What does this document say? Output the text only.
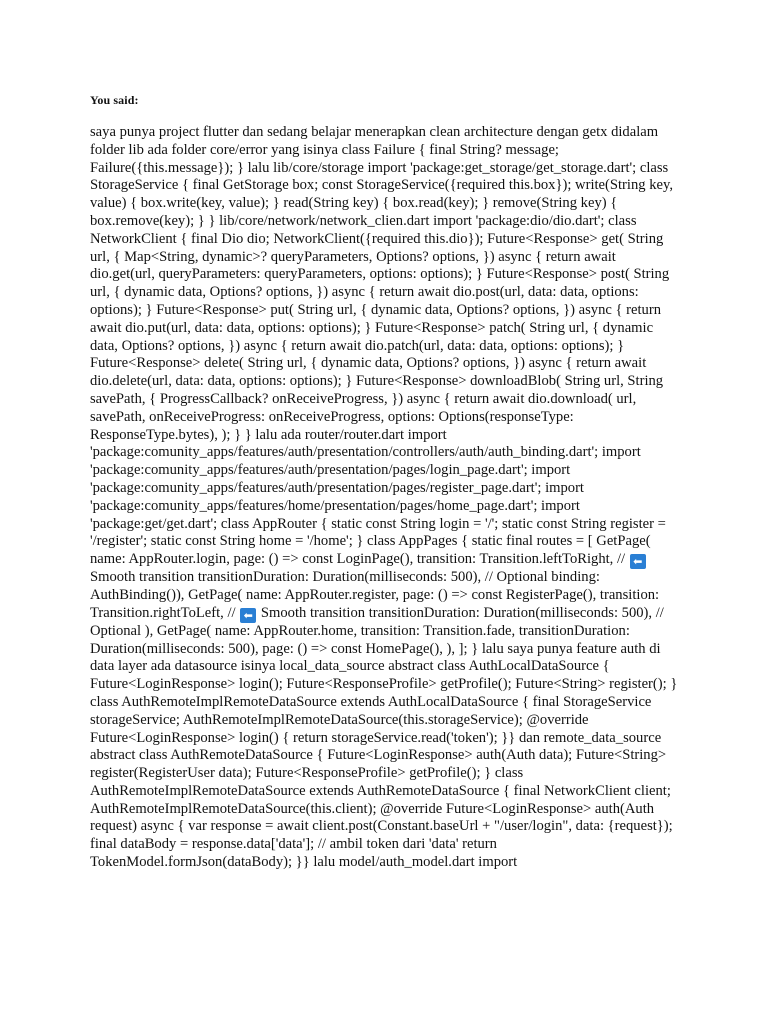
You said:
saya punya project flutter dan sedang belajar menerapkan clean architecture dengan getx didalam folder lib ada folder core/error yang isinya class Failure { final String? message; Failure({this.message}); } lalu lib/core/storage import 'package:get_storage/get_storage.dart'; class StorageService { final GetStorage box; const StorageService({required this.box}); write(String key, value) { box.write(key, value); } read(String key) { box.read(key); } remove(String key) { box.remove(key); } } lib/core/network/network_clien.dart import 'package:dio/dio.dart'; class NetworkClient { final Dio dio; NetworkClient({required this.dio}); Future<Response> get( String url, { Map<String, dynamic>? queryParameters, Options? options, }) async { return await dio.get(url, queryParameters: queryParameters, options: options); } Future<Response> post( String url, { dynamic data, Options? options, }) async { return await dio.post(url, data: data, options: options); } Future<Response> put( String url, { dynamic data, Options? options, }) async { return await dio.put(url, data: data, options: options); } Future<Response> patch( String url, { dynamic data, Options? options, }) async { return await dio.patch(url, data: data, options: options); } Future<Response> delete( String url, { dynamic data, Options? options, }) async { return await dio.delete(url, data: data, options: options); } Future<Response> downloadBlob( String url, String savePath, { ProgressCallback? onReceiveProgress, }) async { return await dio.download( url, savePath, onReceiveProgress: onReceiveProgress, options: Options(responseType: ResponseType.bytes), ); } } lalu ada router/router.dart import 'package:comunity_apps/features/auth/presentation/controllers/auth/auth_binding.dart'; import 'package:comunity_apps/features/auth/presentation/pages/login_page.dart'; import 'package:comunity_apps/features/auth/presentation/pages/register_page.dart'; import 'package:comunity_apps/features/home/presentation/pages/home_page.dart'; import 'package:get/get.dart'; class AppRouter { static const String login = '/'; static const String register = '/register'; static const String home = '/home'; } class AppPages { static final routes = [ GetPage( name: AppRouter.login, page: () => const LoginPage(), transition: Transition.leftToRight, // ⬅ Smooth transition transitionDuration: Duration(milliseconds: 500), // Optional binding: AuthBinding()), GetPage( name: AppRouter.register, page: () => const RegisterPage(), transition: Transition.rightToLeft, // ⬅ Smooth transition transitionDuration: Duration(milliseconds: 500), // Optional ), GetPage( name: AppRouter.home, transition: Transition.fade, transitionDuration: Duration(milliseconds: 500), page: () => const HomePage(), ), ]; } lalu saya punya feature auth di data layer ada datasource isinya local_data_source abstract class AuthLocalDataSource { Future<LoginResponse> login(); Future<ResponseProfile> getProfile(); Future<String> register(); } class AuthRemoteImplRemoteDataSource extends AuthLocalDataSource { final StorageService storageService; AuthRemoteImplRemoteDataSource(this.storageService); @override Future<LoginResponse> login() { return storageService.read('token'); }} dan remote_data_source abstract class AuthRemoteDataSource { Future<LoginResponse> auth(Auth data); Future<String> register(RegisterUser data); Future<ResponseProfile> getProfile(); } class AuthRemoteImplRemoteDataSource extends AuthRemoteDataSource { final NetworkClient client; AuthRemoteImplRemoteDataSource(this.client); @override Future<LoginResponse> auth(Auth request) async { var response = await client.post(Constant.baseUrl + "/user/login", data: {request}); final dataBody = response.data['data']; // ambil token dari 'data' return TokenModel.formJson(dataBody); }} lalu model/auth_model.dart import
